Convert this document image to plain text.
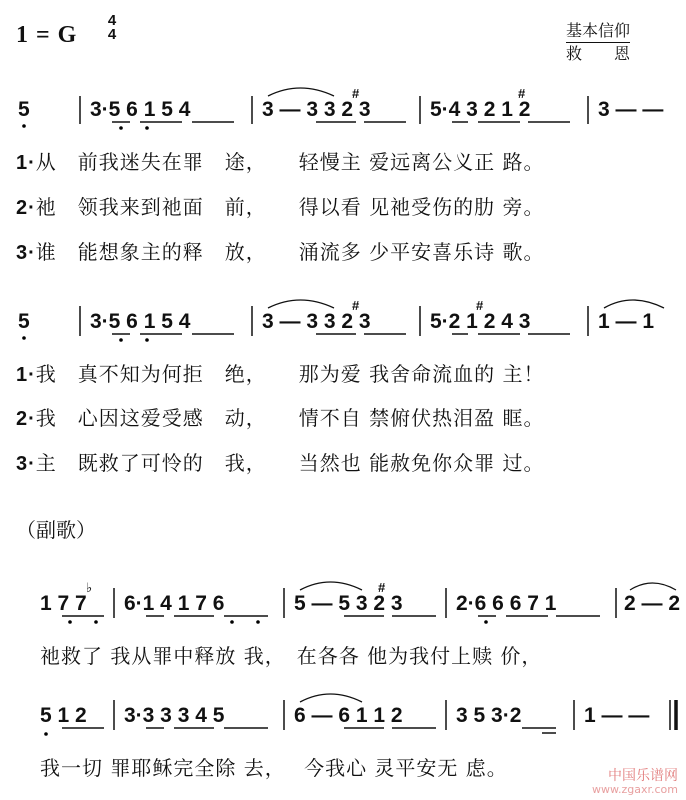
1 = G
4
4	基本信仰
救　　恩
5	3·5 6 1 5 4	3 — 3 3 2 3
#
5·4 3 2 1 2
#
3 — —
5	3·5 6 1 5 4	3 — 3 3 2 3
#
5·2 1 2 4 3
#
1 — 1
1 7 7
♭
6·1 4 1 7 6	5 — 5 3 2 3
#
2·6 6 6 7 1	2 — 2
5 1 2 3·3 3 3 4 5	6 — 6 1 1 2	3 5 3·2	1 — —
1·从　前我迷失在罪　途，　　轻慢主 爱远离公义正 路。
2·祂　领我来到祂面　前，　　得以看 见祂受伤的肋 旁。
3·谁　能想象主的释　放，　　涌流多 少平安喜乐诗 歌。
1·我　真不知为何拒　绝，　　那为爱 我舍命流血的 主！
2·我　心因这爱受感　动，　　情不自 禁俯伏热泪盈 眶。
3·主　既救了可怜的　我，　　当然也 能赦免你众罪 过。
（副歌）
祂救了 我从罪中释放 我，　在各各 他为我付上赎 价，
我一切 罪耶稣完全除 去，　 今我心 灵平安无 虑。	中国乐谱网
www.zgaxr.com
